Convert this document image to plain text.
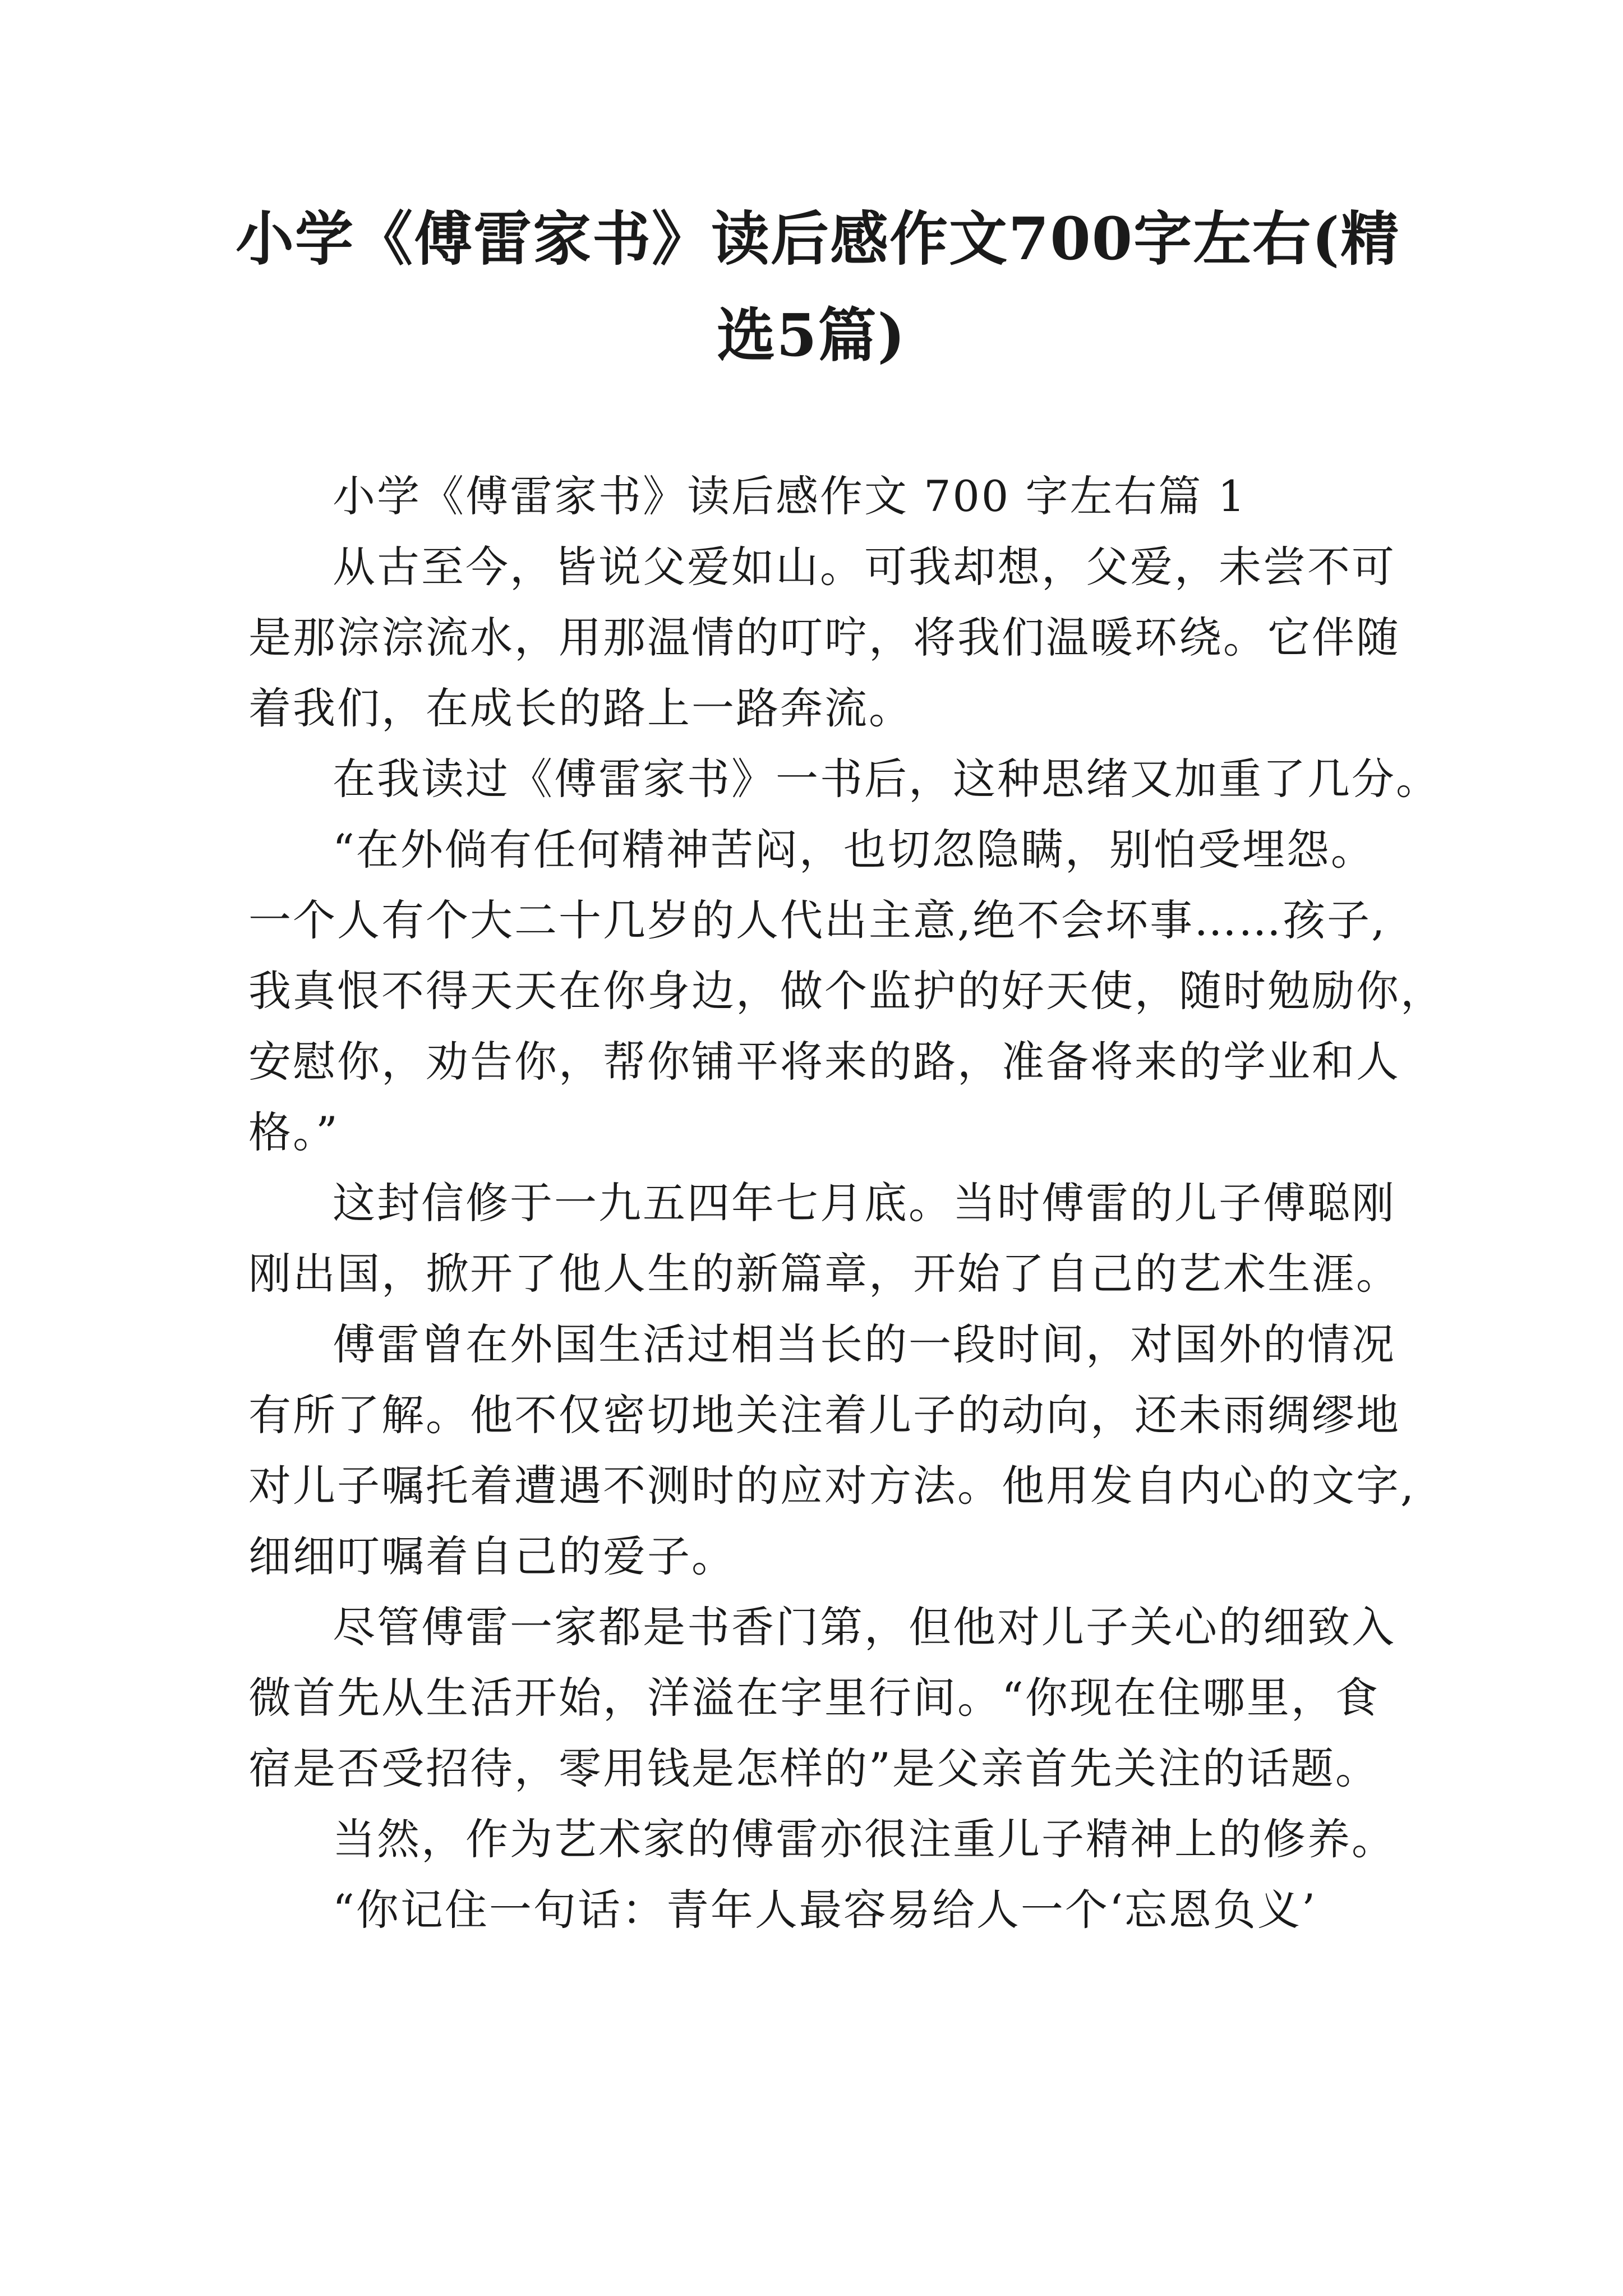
小学《傅雷家书》读后感作文700字左右(精
选5篇)
小学《傅雷家书》读后感作文 700 字左右篇 1
从古至今，皆说父爱如山。可我却想，父爱，未尝不可
是那淙淙流水，用那温情的叮咛，将我们温暖环绕。它伴随
着我们，在成长的路上一路奔流。
在我读过《傅雷家书》一书后，这种思绪又加重了几分。
“在外倘有任何精神苦闷，也切忽隐瞒，别怕受埋怨。
一个人有个大二十几岁的人代出主意,绝不会坏事……孩子,
我真恨不得天天在你身边，做个监护的好天使，随时勉励你，
安慰你，劝告你，帮你铺平将来的路，准备将来的学业和人
格。”
这封信修于一九五四年七月底。当时傅雷的儿子傅聪刚
刚出国，掀开了他人生的新篇章，开始了自己的艺术生涯。
傅雷曾在外国生活过相当长的一段时间，对国外的情况
有所了解。他不仅密切地关注着儿子的动向，还未雨绸缪地
对儿子嘱托着遭遇不测时的应对方法。他用发自内心的文字,
细细叮嘱着自己的爱子。
尽管傅雷一家都是书香门第，但他对儿子关心的细致入
微首先从生活开始，洋溢在字里行间。“你现在住哪里，食
宿是否受招待，零用钱是怎样的”是父亲首先关注的话题。
当然，作为艺术家的傅雷亦很注重儿子精神上的修养。
“你记住一句话：青年人最容易给人一个‘忘恩负义’
